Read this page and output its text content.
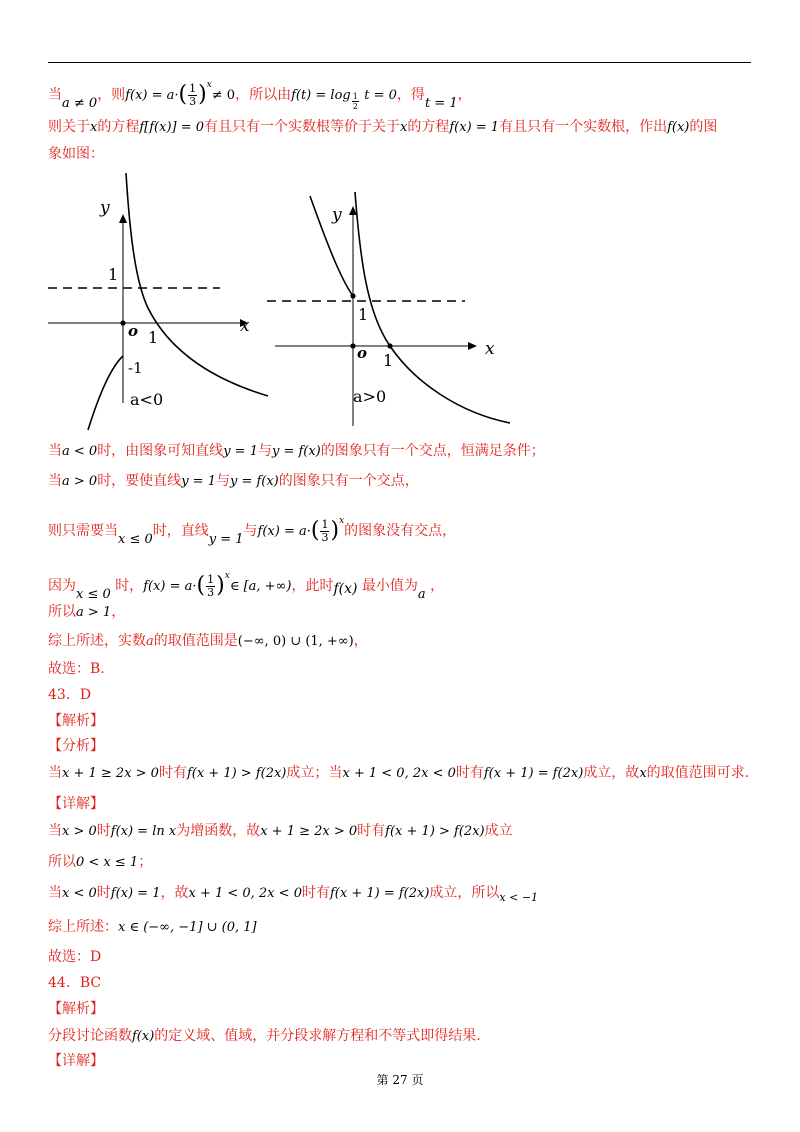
当a ≠ 0，则$f(x) = a\cdot( \frac{1}{3} )^x\ne 0$，所以由f(t) = log $_{\frac{1}{2}}$ t = 0，得t = 1，
则关于x的方程f[f(x)] = 0有且只有一个实数根等价于关于x的方程f(x) = 1有且只有一个实数根，作出f(x)的图
象如图：
y
x
1
1
o
-1
a<0
y
x
1
1
o
a>0
当a < 0时，由图象可知直线y = 1与y = f(x)的图象只有一个交点，恒满足条件；
当a > 0时，要使直线y = 1与y = f(x)的图象只有一个交点，
则只需要当x ≤ 0时，直线y = 1与$f(x) = a\cdot( \frac{1}{3} )^x$的图象没有交点，
因为x ≤ 0 时，$f(x) = a\cdot( \frac{1}{3}$ )$^x\in$ [a, +∞)，此时f(x) 最小值为a ，
所以a > 1，
综上所述，实数a的取值范围是(−∞, 0) ∪ (1, +∞)，
故选：B.
43．D
【解析】
【分析】
当x + 1 ≥ 2x > 0时有f(x + 1) > f(2x)成立；当x + 1 < 0, 2x < 0时有f(x + 1) = f(2x)成立，故x的取值范围可求.
【详解】
当x > 0时f(x) = ln x为增函数，故x + 1 ≥ 2x > 0时有f(x + 1) > f(2x)成立
所以0 < x ≤ 1；
当x < 0时f(x) = 1，故x + 1 < 0, 2x < 0时有f(x + 1) = f(2x)成立，所以$_{x < -1}$
综上所述：x ∈ (−∞, −1] ∪ (0, 1]
故选：D
44．BC
【解析】
分段讨论函数f(x)的定义域、值域，并分段求解方程和不等式即得结果.
【详解】
第 27 页
